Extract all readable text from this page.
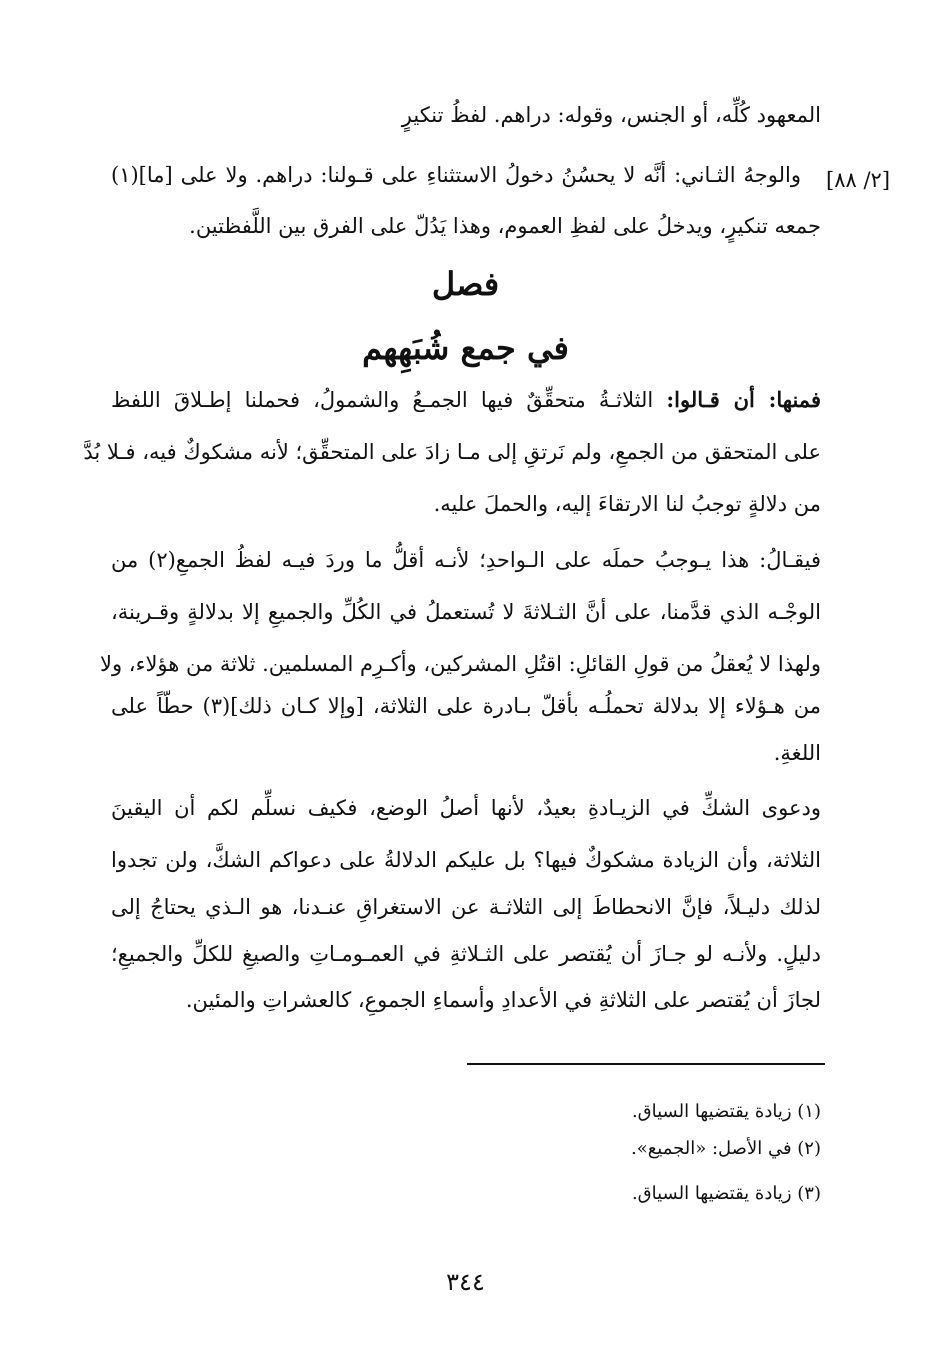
المعهود كُلِّه، أو الجنس، وقوله: دراهم. لفظُ تنكيرٍ
[٢/ ٨٨]
والوجهُ الثـاني: أنَّه لا يحسُنُ دخولُ الاستثناءِ على قـولنا: دراهم. ولا على [ما](١)
جمعه تنكيرٍ، ويدخلُ على لفظِ العموم، وهذا يَدُلّ على الفرق بين اللَّفظتين.
فصل
في جمع شُبَهِهم
فمنها: أن قـالوا: الثلاثـةُ متحقِّقٌ فيها الجمـعُ والشمولُ، فحملنا إطـلاقَ اللفظ
على المتحقق من الجمعِ، ولم نَرتقِ إلى مـا زادَ على المتحقِّق؛ لأنه مشكوكٌ فيه، فـلا بُدَّ
من دلالةٍ توجبُ لنا الارتقاءَ إليه، والحملَ عليه.
فيقـالُ: هذا يـوجبُ حملَه على الـواحدِ؛ لأنـه أقلُّ ما وردَ فيـه لفظُ الجمعِ(٢) من
الوجْـه الذي قدَّمنا، على أنَّ الثـلاثةَ لا تُستعملُ في الكُلِّ والجميعِ إلا بدلالةٍ وقـرينة،
ولهذا لا يُعقلُ من قولِ القائلِ: اقتُلِ المشركين، وأكـرِم المسلمين. ثلاثة من هؤلاء، ولا
من هـؤلاء إلا بدلالة تحملُـه بأقلّ بـادرة على الثلاثة، [وإلا كـان ذلك](٣) حطّاً على
اللغةِ.
ودعوى الشكِّ في الزيـادةِ بعيدٌ، لأنها أصلُ الوضع، فكيف نسلِّم لكم أن اليقينَ
الثلاثة، وأن الزيادة مشكوكٌ فيها؟ بل عليكم الدلالةُ على دعواكم الشكَّ، ولن تجدوا
لذلك دليـلاً، فإنَّ الانحطاطَ إلى الثلاثـة عن الاستغراقِ عنـدنا، هو الـذي يحتاجُ إلى
دليلٍ. ولأنـه لو جـازَ أن يُقتصر على الثـلاثةِ في العمـومـاتِ والصيغِ للكلِّ والجميعِ؛
لجازَ أن يُقتصر على الثلاثةِ في الأعدادِ وأسماءِ الجموعِ، كالعشراتِ والمئين.
(١) زيادة يقتضيها السياق.
(٢) في الأصل: «الجميع».
(٣) زيادة يقتضيها السياق.
٣٤٤
